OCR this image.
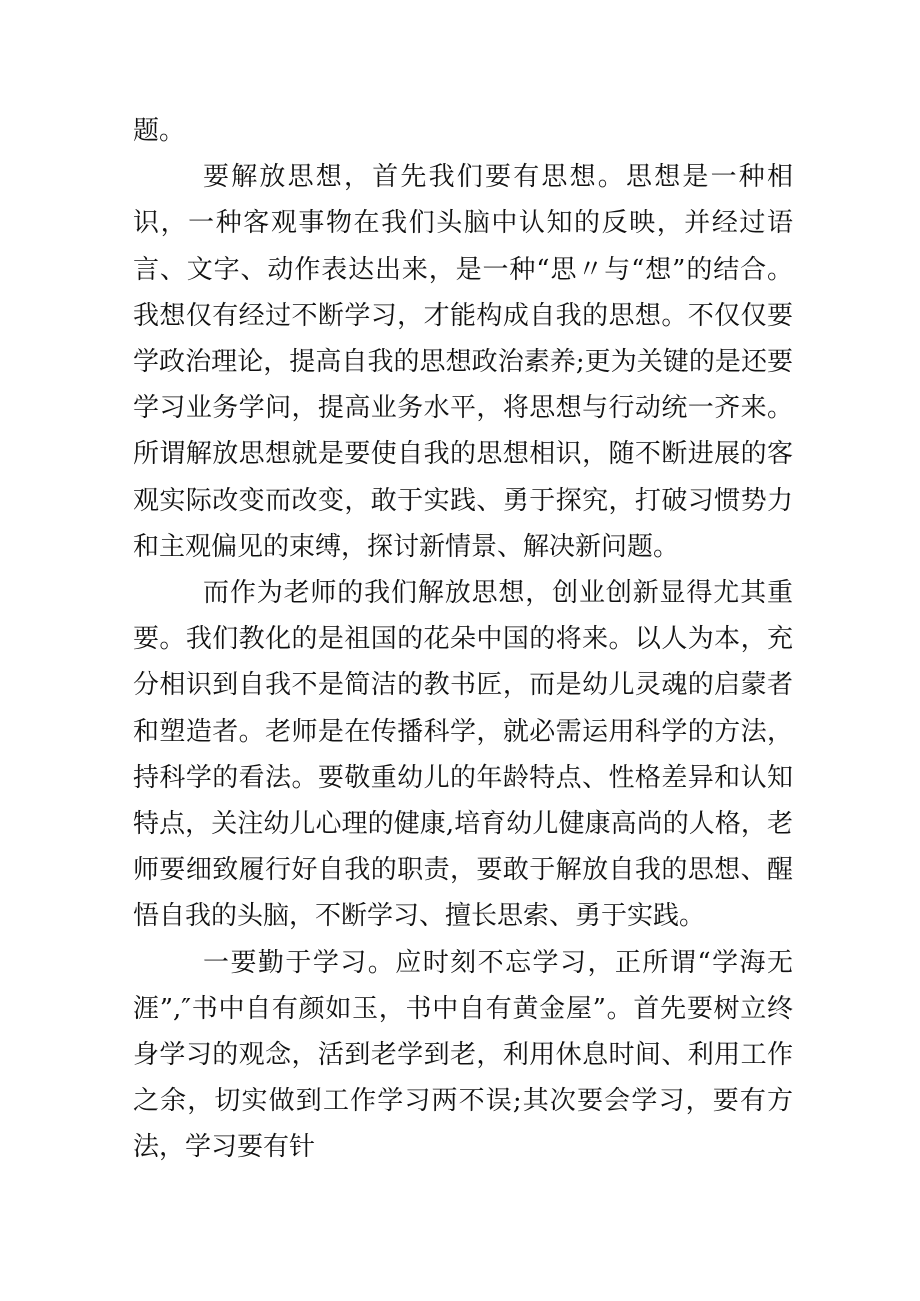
题。

要解放思想，首先我们要有思想。思想是一种相识，一种客观事物在我们头脑中认知的反映，并经过语言、文字、动作表达出来，是一种“思〃与“想”的结合。我想仅有经过不断学习，才能构成自我的思想。不仅仅要学政治理论，提高自我的思想政治素养;更为关键的是还要学习业务学问，提高业务水平，将思想与行动统一齐来。所谓解放思想就是要使自我的思想相识，随不断进展的客观实际改变而改变，敢于实践、勇于探究，打破习惯势力和主观偏见的束缚，探讨新情景、解决新问题。

而作为老师的我们解放思想，创业创新显得尤其重要。我们教化的是祖国的花朵中国的将来。以人为本，充分相识到自我不是简洁的教书匠，而是幼儿灵魂的启蒙者和塑造者。老师是在传播科学，就必需运用科学的方法，持科学的看法。要敬重幼儿的年龄特点、性格差异和认知特点，关注幼儿心理的健康,培育幼儿健康高尚的人格，老师要细致履行好自我的职责，要敢于解放自我的思想、醒悟自我的头脑，不断学习、擅长思索、勇于实践。

一要勤于学习。应时刻不忘学习，正所谓“学海无涯”,″书中自有颜如玉，书中自有黄金屋”。首先要树立终身学习的观念，活到老学到老，利用休息时间、利用工作之余，切实做到工作学习两不误;其次要会学习，要有方法，学习要有针
